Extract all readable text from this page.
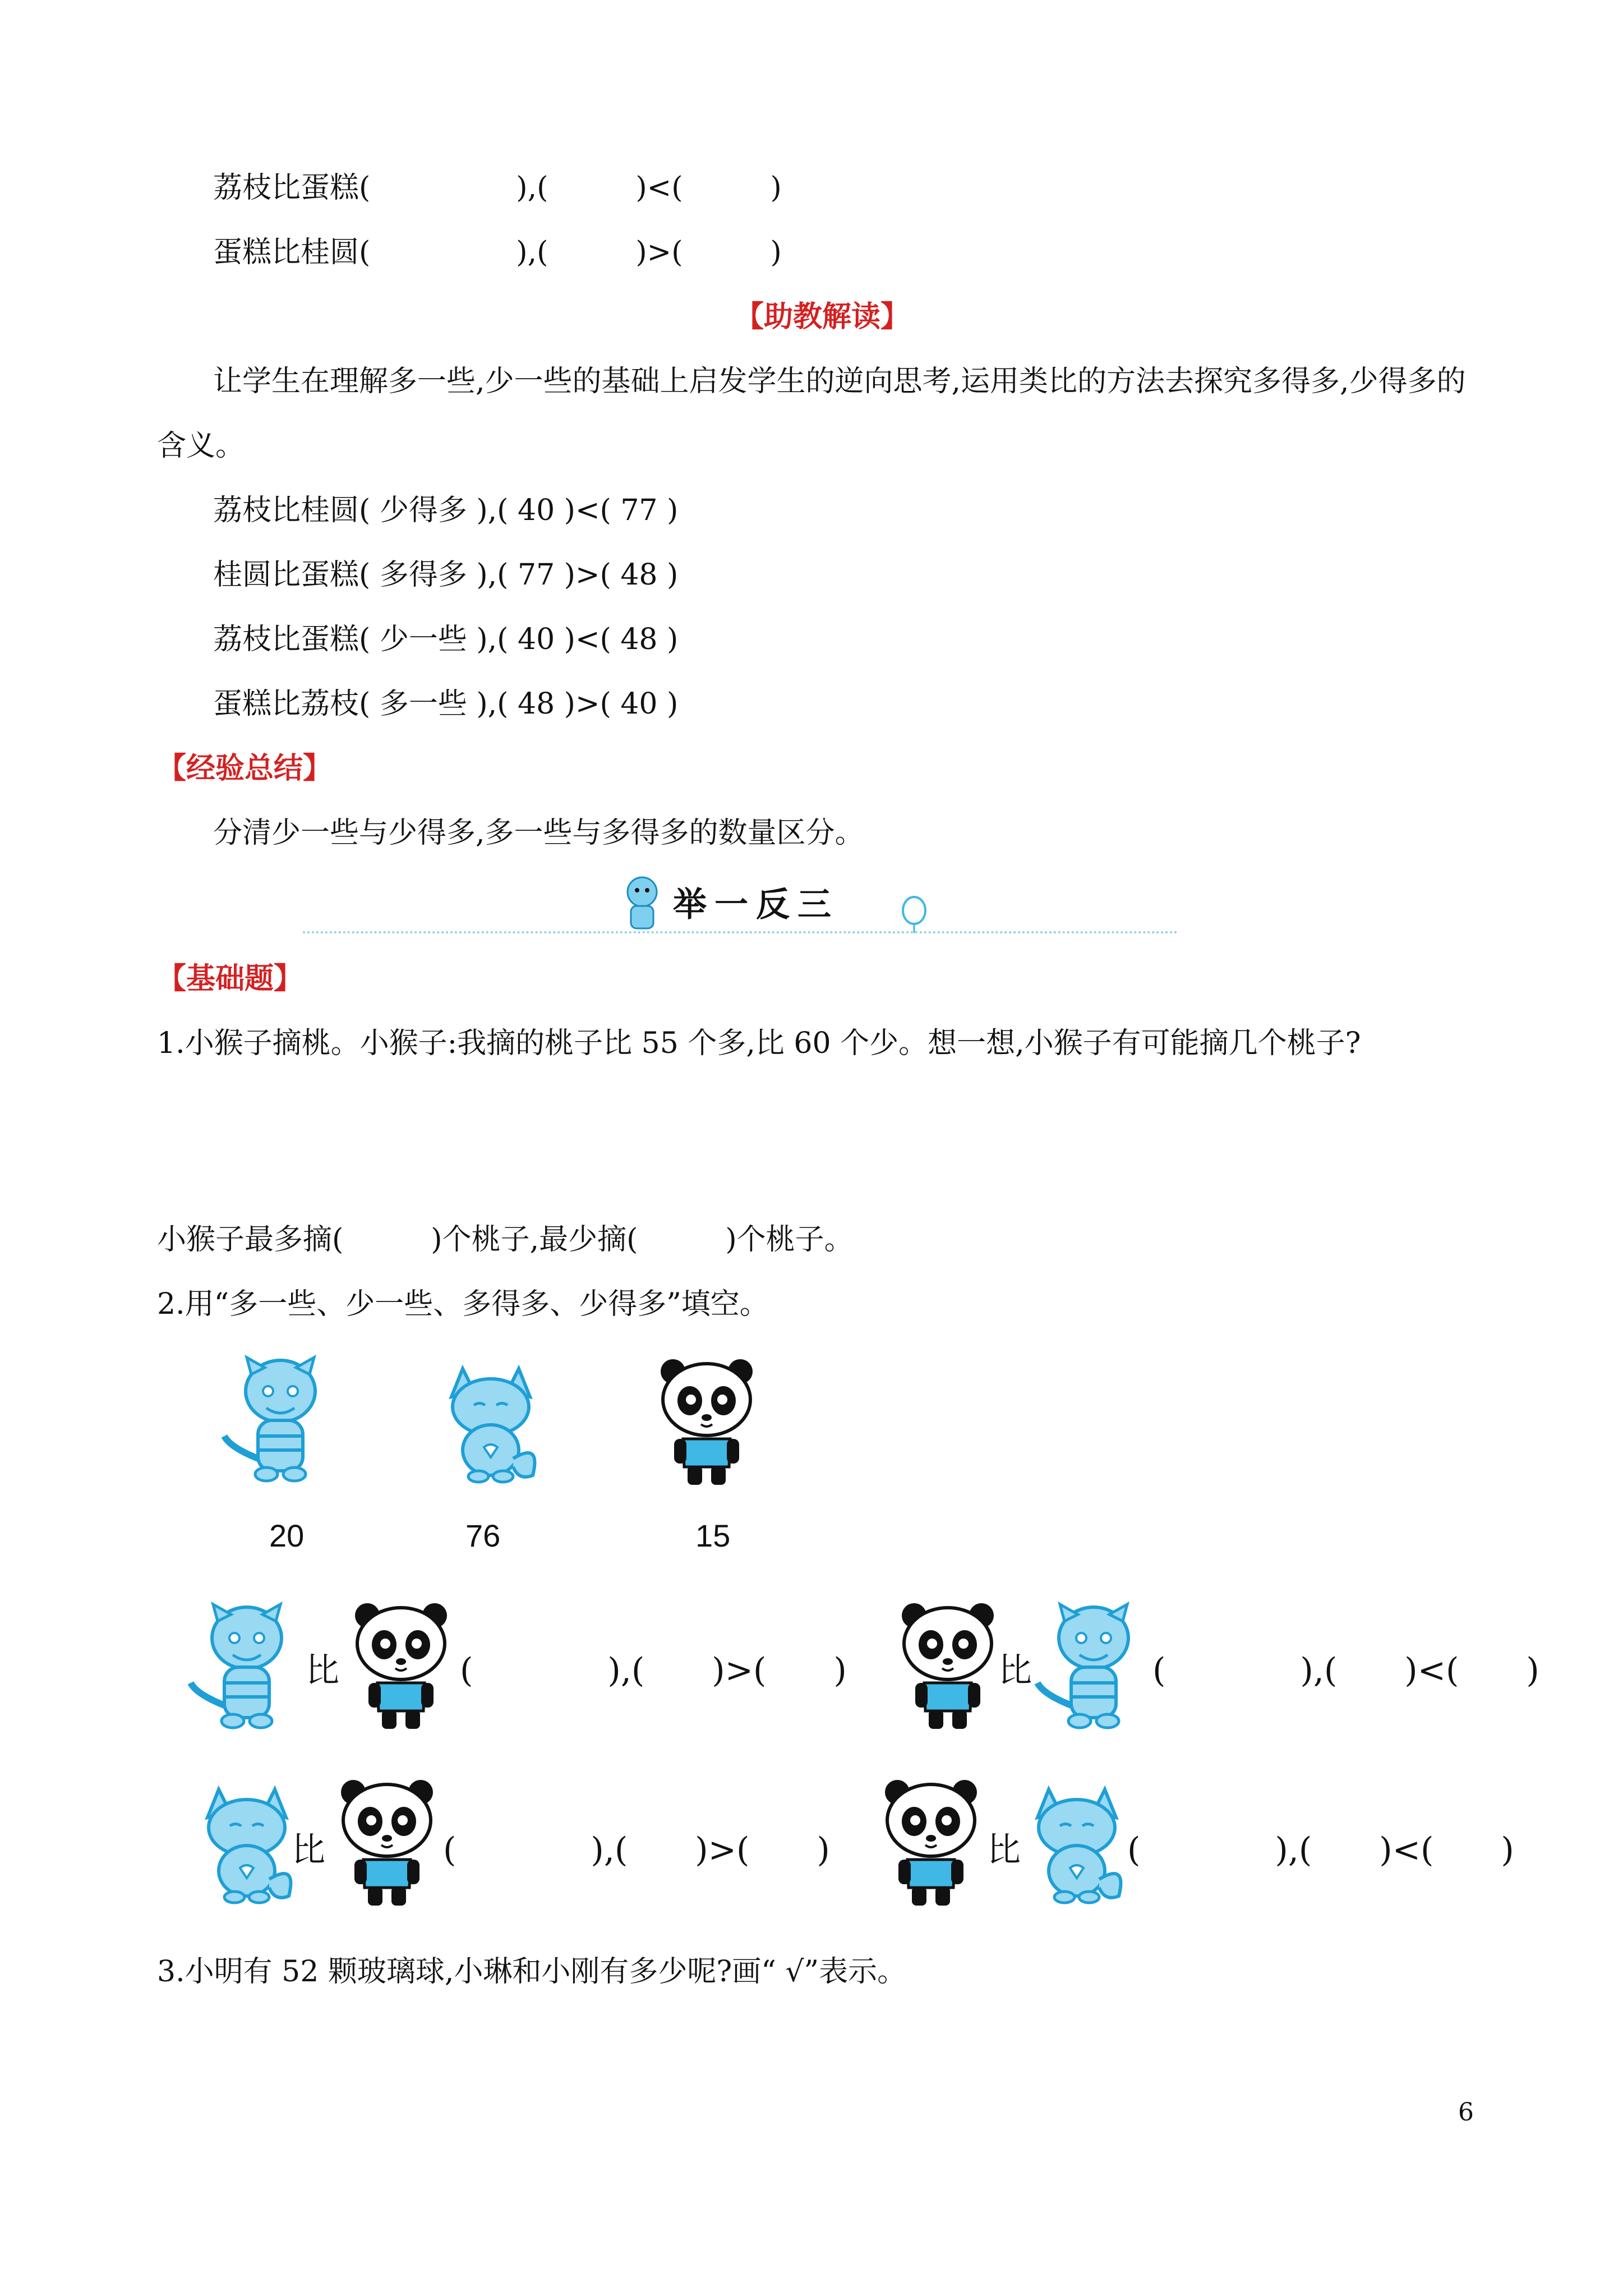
荔枝比蛋糕(　　　　　),(　　　)<(　　　)
蛋糕比桂圆(　　　　　),(　　　)>(　　　)
【助教解读】
让学生在理解多一些,少一些的基础上启发学生的逆向思考,运用类比的方法去探究多得多,少得多的
含义。
荔枝比桂圆( 少得多 ),( 40 )<( 77 )
桂圆比蛋糕( 多得多 ),( 77 )>( 48 )
荔枝比蛋糕( 少一些 ),( 40 )<( 48 )
蛋糕比荔枝( 多一些 ),( 48 )>( 40 )
【经验总结】
分清少一些与少得多,多一些与多得多的数量区分。
举一反三
【基础题】
1.小猴子摘桃。小猴子:我摘的桃子比 55 个多,比 60 个少。想一想,小猴子有可能摘几个桃子?
小猴子最多摘(　　　)个桃子,最少摘(　　　)个桃子。
2.用“多一些、少一些、多得多、少得多”填空。
20	76	15
比	(　　　　),(　　)>(　　)	比	(　　　　),(　　)<(　　)
比	(　　　　),(　　)>(　　)	比	(　　　　),(　　)<(　　)
3.小明有 52 颗玻璃球,小琳和小刚有多少呢?画“ √”表示。
6
